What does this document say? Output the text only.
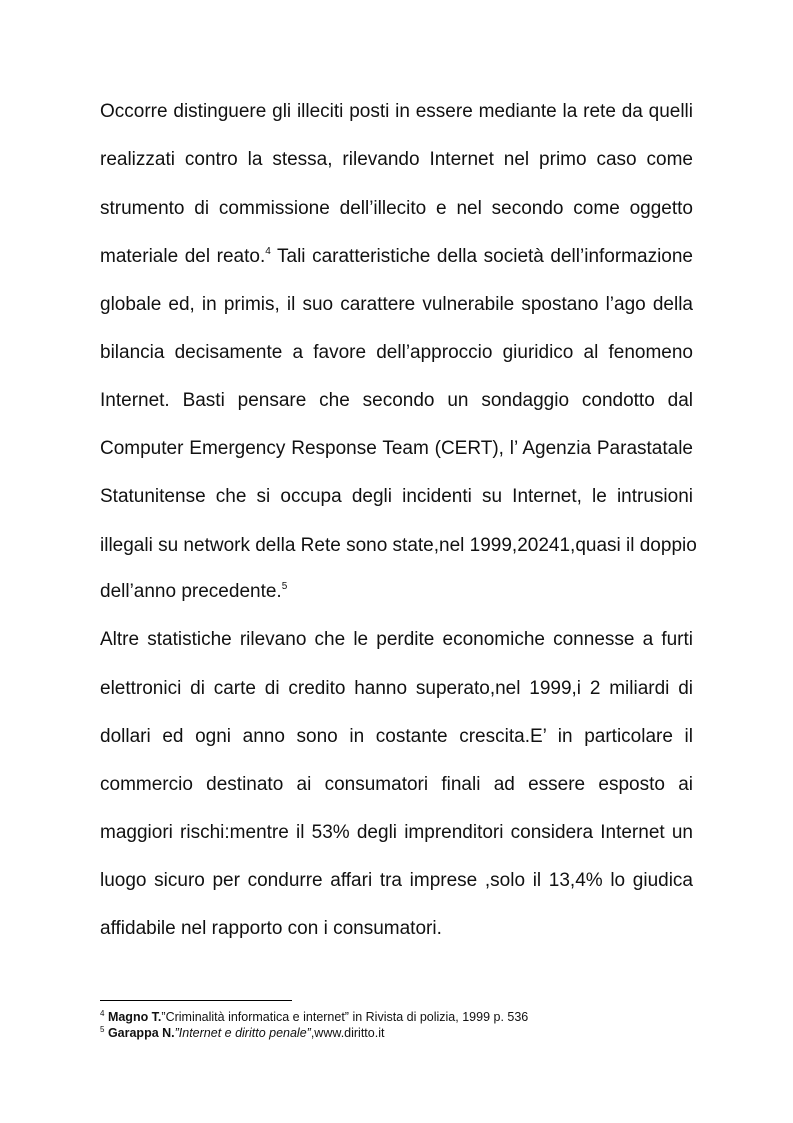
Occorre distinguere gli illeciti posti in essere mediante la rete da quelli
realizzati contro la stessa, rilevando Internet nel primo caso come
strumento di commissione dell’illecito e nel secondo come oggetto
materiale del reato.$^4$ Tali caratteristiche della società dell’informazione
globale ed, in primis, il suo carattere vulnerabile spostano l’ago della
bilancia decisamente a favore dell’approccio giuridico al fenomeno
Internet. Basti pensare che secondo un sondaggio condotto dal
Computer Emergency Response Team (CERT), l’ Agenzia Parastatale
Statunitense che si occupa degli incidenti su Internet, le intrusioni
illegali su network della Rete sono state,nel 1999,20241,quasi il doppio
dell’anno precedente.$^5$
Altre statistiche rilevano che le perdite economiche connesse a furti
elettronici di carte di credito hanno superato,nel 1999,i 2 miliardi di
dollari ed ogni anno sono in costante crescita.E’ in particolare il
commercio destinato ai consumatori finali ad essere esposto ai
maggiori rischi:mentre il 53% degli imprenditori considera Internet un
luogo sicuro per condurre affari tra imprese ,solo il 13,4% lo giudica
affidabile nel rapporto con i consumatori.
$^4$ Magno T.”Criminalità informatica e internet” in Rivista di polizia, 1999 p. 536
$^5$ Garappa N.”Internet e diritto penale”,www.diritto.it
